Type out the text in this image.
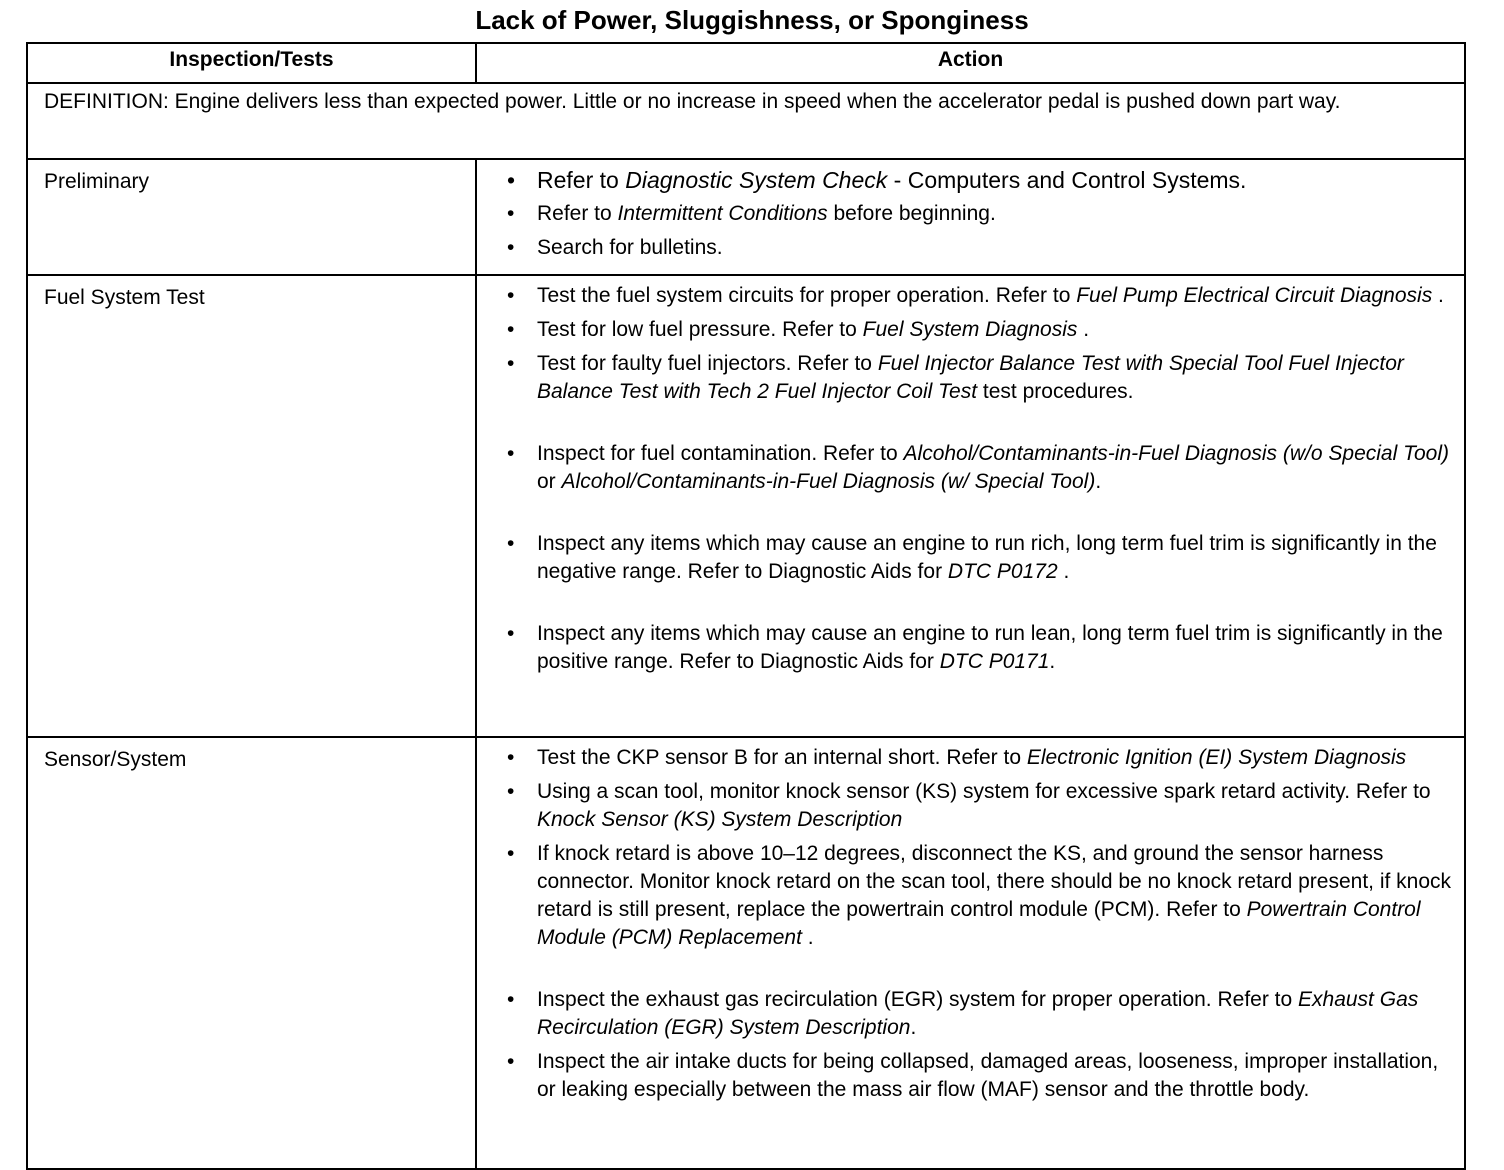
Lack of Power, Sluggishness, or Sponginess
Inspection/Tests	Action
DEFINITION: Engine delivers less than expected power. Little or no increase in speed when the accelerator pedal is pushed down part way.	
Preliminary	
•Refer to Diagnostic System Check - Computers and Control Systems.
• Refer to Intermittent Conditions before beginning.
• Search for bulletins.

Fuel System Test	
•Test the fuel system circuits for proper operation. Refer to Fuel Pump Electrical Circuit Diagnosis .
• Test for low fuel pressure. Refer to Fuel System Diagnosis .
• Test for faulty fuel injectors. Refer to Fuel Injector Balance Test with Special Tool Fuel Injector Balance Test with Tech 2 Fuel Injector Coil Test test procedures.
• Inspect for fuel contamination. Refer to Alcohol/Contaminants-in-Fuel Diagnosis (w/o Special Tool) or Alcohol/Contaminants-in-Fuel Diagnosis (w/ Special Tool).
• Inspect any items which may cause an engine to run rich, long term fuel trim is significantly in the negative range. Refer to Diagnostic Aids for DTC P0172 .
• Inspect any items which may cause an engine to run lean, long term fuel trim is significantly in the positive range. Refer to Diagnostic Aids for DTC P0171.

Sensor/System	
•Test the CKP sensor B for an internal short. Refer to Electronic Ignition (EI) System Diagnosis
• Using a scan tool, monitor knock sensor (KS) system for excessive spark retard activity. Refer to Knock Sensor (KS) System Description
• If knock retard is above 10–12 degrees, disconnect the KS, and ground the sensor harness connector. Monitor knock retard on the scan tool, there should be no knock retard present, if knock retard is still present, replace the powertrain control module (PCM). Refer to Powertrain Control Module (PCM) Replacement .
• Inspect the exhaust gas recirculation (EGR) system for proper operation. Refer to Exhaust Gas Recirculation (EGR) System Description.
• Inspect the air intake ducts for being collapsed, damaged areas, looseness, improper installation, or leaking especially between the mass air flow (MAF) sensor and the throttle body.
